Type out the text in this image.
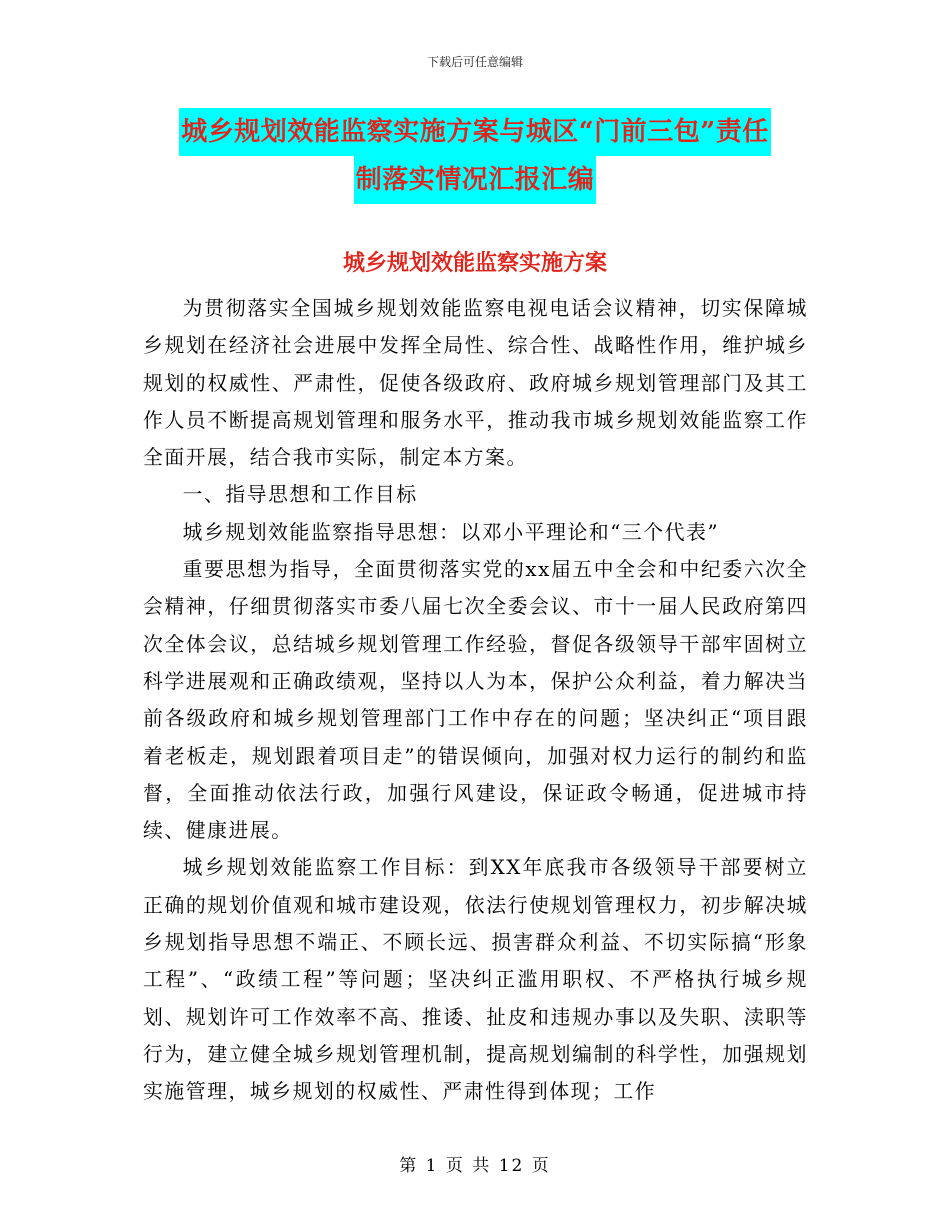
下载后可任意编辑
城乡规划效能监察实施方案与城区“门前三包”责任
制落实情况汇报汇编
城乡规划效能监察实施方案

为贯彻落实全国城乡规划效能监察电视电话会议精神，切实保障城乡规划在经济社会进展中发挥全局性、综合性、战略性作用，维护城乡规划的权威性、严肃性，促使各级政府、政府城乡规划管理部门及其工作人员不断提高规划管理和服务水平，推动我市城乡规划效能监察工作全面开展，结合我市实际，制定本方案。

一、指导思想和工作目标

城乡规划效能监察指导思想：以邓小平理论和“三个代表”

重要思想为指导，全面贯彻落实党的xx届五中全会和中纪委六次全会精神，仔细贯彻落实市委八届七次全委会议、市十一届人民政府第四次全体会议，总结城乡规划管理工作经验，督促各级领导干部牢固树立科学进展观和正确政绩观，坚持以人为本，保护公众利益，着力解决当前各级政府和城乡规划管理部门工作中存在的问题；坚决纠正“项目跟着老板走，规划跟着项目走”的错误倾向，加强对权力运行的制约和监督，全面推动依法行政，加强行风建设，保证政令畅通，促进城市持续、健康进展。

城乡规划效能监察工作目标：到XX年底我市各级领导干部要树立正确的规划价值观和城市建设观，依法行使规划管理权力，初步解决城乡规划指导思想不端正、不顾长远、损害群众利益、不切实际搞“形象工程”、“政绩工程”等问题；坚决纠正滥用职权、不严格执行城乡规划、规划许可工作效率不高、推诿、扯皮和违规办事以及失职、渎职等行为，建立健全城乡规划管理机制，提高规划编制的科学性，加强规划实施管理，城乡规划的权威性、严肃性得到体现；工作

第 1 页 共 12 页
